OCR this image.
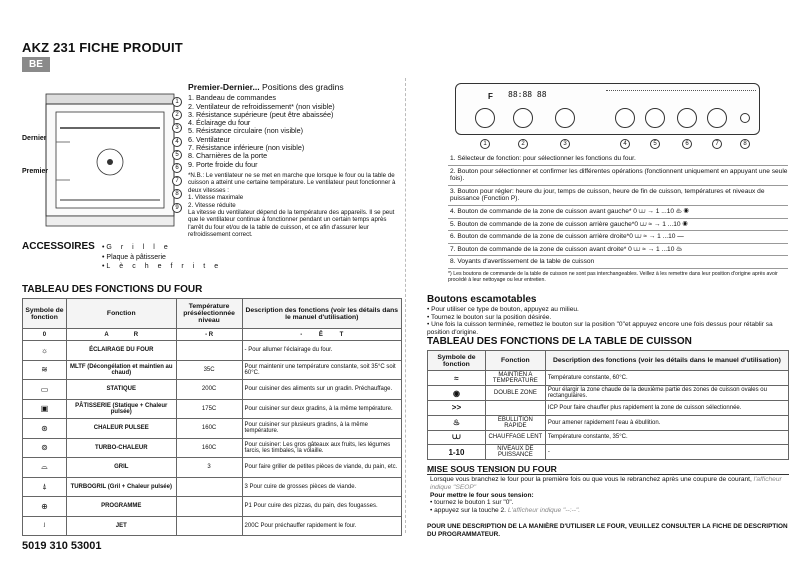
AKZ 231 FICHE PRODUIT
BE
Dernier
Premier
1
2
3
4
5
6
7
8
9
Premier-Dernier... Positions des gradins
1. Bandeau de commandes
2. Ventilateur de refroidissement* (non visible)
3. Résistance supérieure (peut être abaissée)
4. Éclairage du four
5. Résistance circulaire (non visible)
6. Ventilateur
7. Résistance inférieure (non visible)
8. Charnières de la porte
9. Porte froide du four
*N.B.: Le ventilateur ne se met en marche que lorsque le four ou la table de cuisson a atteint une certaine température. Le ventilateur peut fonctionner à deux vitesses :
1. Vitesse maximale
2. Vitesse réduite
La vitesse du ventilateur dépend de la température des appareils. Il se peut que le ventilateur continue à fonctionner pendant un certain temps après l'arrêt du four et/ou de la table de cuisson, et ce afin d'assurer leur refroidissement correct.
ACCESSOIRES • Grille
• Plaque à pâtisserie
• Lèchefrite
TABLEAU DES FONCTIONS DU FOUR
Symbole de fonction	Fonction	Température présélectionnée niveau	Description des fonctions (voir les détails dans le manuel d'utilisation)
0	A R	- R	- Ê T
☼	ÉCLAIRAGE DU FOUR		- Pour allumer l'éclairage du four.
≋	MLTF (Décongélation et maintien au chaud)	35C	Pour maintenir une température constante, soit 35°C soit 60°C.
▭	STATIQUE	200C	Pour cuisiner des aliments sur un gradin. Préchauffage.
▣	PÂTISSERIE (Statique + Chaleur pulsée)	175C	Pour cuisiner sur deux gradins, à la même température.
⊛	CHALEUR PULSEE	160C	Pour cuisiner sur plusieurs gradins, à la même température.
⊚	TURBO-CHALEUR	160C	Pour cuisiner: Les gros gâteaux aux fruits, les légumes farcis, les timbales, la volaille.
⌓	GRIL	3	Pour faire griller de petites pièces de viande, du pain, etc.
⍋	TURBOGRIL (Gril + Chaleur pulsée)		3 Pour cuire de grosses pièces de viande.
⊕	PROGRAMME		P1 Pour cuire des pizzas, du pain, des fougasses.
ʲ	JET		200C Pour préchauffer rapidement le four.
5019 310 53001
F 88:88 88
1	2	3	4	5	6	7	8
1. Sélecteur de fonction: pour sélectionner les fonctions du four.
2. Bouton pour sélectionner et confirmer les différentes opérations (fonctionnent uniquement en appuyant une seule fois).
3. Bouton pour régler: heure du jour, temps de cuisson, heure de fin de cuisson, températures et niveaux de puissance (Fonction P).
4. Bouton de commande de la zone de cuisson avant gauche* 0 ⩊ → 1 ...10 ♨ ◉
5. Bouton de commande de la zone de cuisson arrière gauche*0 ⩊ ≈ → 1 ...10 ◉
6. Bouton de commande de la zone de cuisson arrière droite*0 ⩊ ≈ → 1 ...10 ━
7. Bouton de commande de la zone de cuisson avant droite* 0 ⩊ ≈ → 1 ...10 ♨
8. Voyants d'avertissement de la table de cuisson
*) Les boutons de commande de la table de cuisson ne sont pas interchangeables. Veillez à les remettre dans leur position d'origine après avoir procédé à leur nettoyage ou leur entretien.
Boutons escamotables
• Pour utiliser ce type de bouton, appuyez au milieu.
• Tournez le bouton sur la position désirée.
• Une fois la cuisson terminée, remettez le bouton sur la position "0"et appuyez encore une fois dessus pour rétablir sa position d'origine.
TABLEAU DES FONCTIONS DE LA TABLE DE CUISSON
Symbole de fonction	Fonction	Description des fonctions (voir les détails dans le manuel d'utilisation)
≈	MAINTIEN A TEMPERATURE	Température constante, 60°C.
◉	DOUBLE ZONE	Pour élargir la zone chaude de la deuxième partie des zones de cuisson ovales ou rectangulaires.
>>		ICP Pour faire chauffer plus rapidement la zone de cuisson sélectionnée.
♨	EBULLITION RAPIDE	Pour amener rapidement l'eau à ébullition.
⩊	CHAUFFAGE LENT	Température constante, 35°C.
1-10	NIVEAUX DE PUISSANCE	-
MISE SOUS TENSION DU FOUR
Lorsque vous branchez le four pour la première fois ou que vous le rebranchez après une coupure de courant, l'afficheur indique "SEOP"
Pour mettre le four sous tension:
• tournez le bouton 1 sur "0".
• appuyez sur la touche 2. L'afficheur indique "--:--".
POUR UNE DESCRIPTION DE LA MANIÈRE D'UTILISER LE FOUR, VEUILLEZ CONSULTER LA FICHE DE DESCRIPTION DU PROGRAMMATEUR.
